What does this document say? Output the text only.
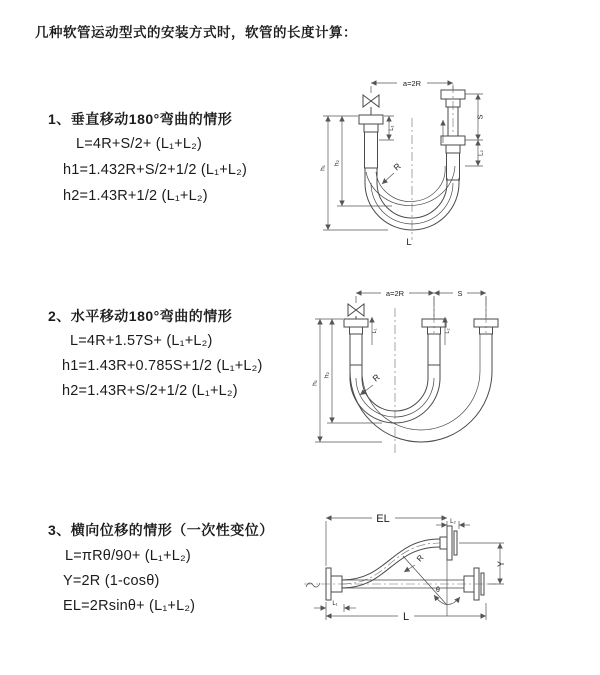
几种软管运动型式的安装方式时，软管的长度计算：
1、垂直移动180°弯曲的情形
L=4R+S/2+ (L₁+L₂)
h1=1.432R+S/2+1/2 (L₁+L₂)
h2=1.43R+1/2 (L₁+L₂)
2、水平移动180°弯曲的情形
L=4R+1.57S+ (L₁+L₂)
h1=1.43R+0.785S+1/2 (L₁+L₂)
h2=1.43R+S/2+1/2 (L₁+L₂)
3、横向位移的情形（一次性变位）
L=πRθ/90+ (L₁+L₂)
Y=2R (1-cosθ)
EL=2Rsinθ+ (L₁+L₂)
a=2R
S
L₂
h₁
h₂
L₁
R
L
a=2R	S
h₁
h₂
L₁	L₂
R
EL	L₂
Y
L
L₁
R
θ
